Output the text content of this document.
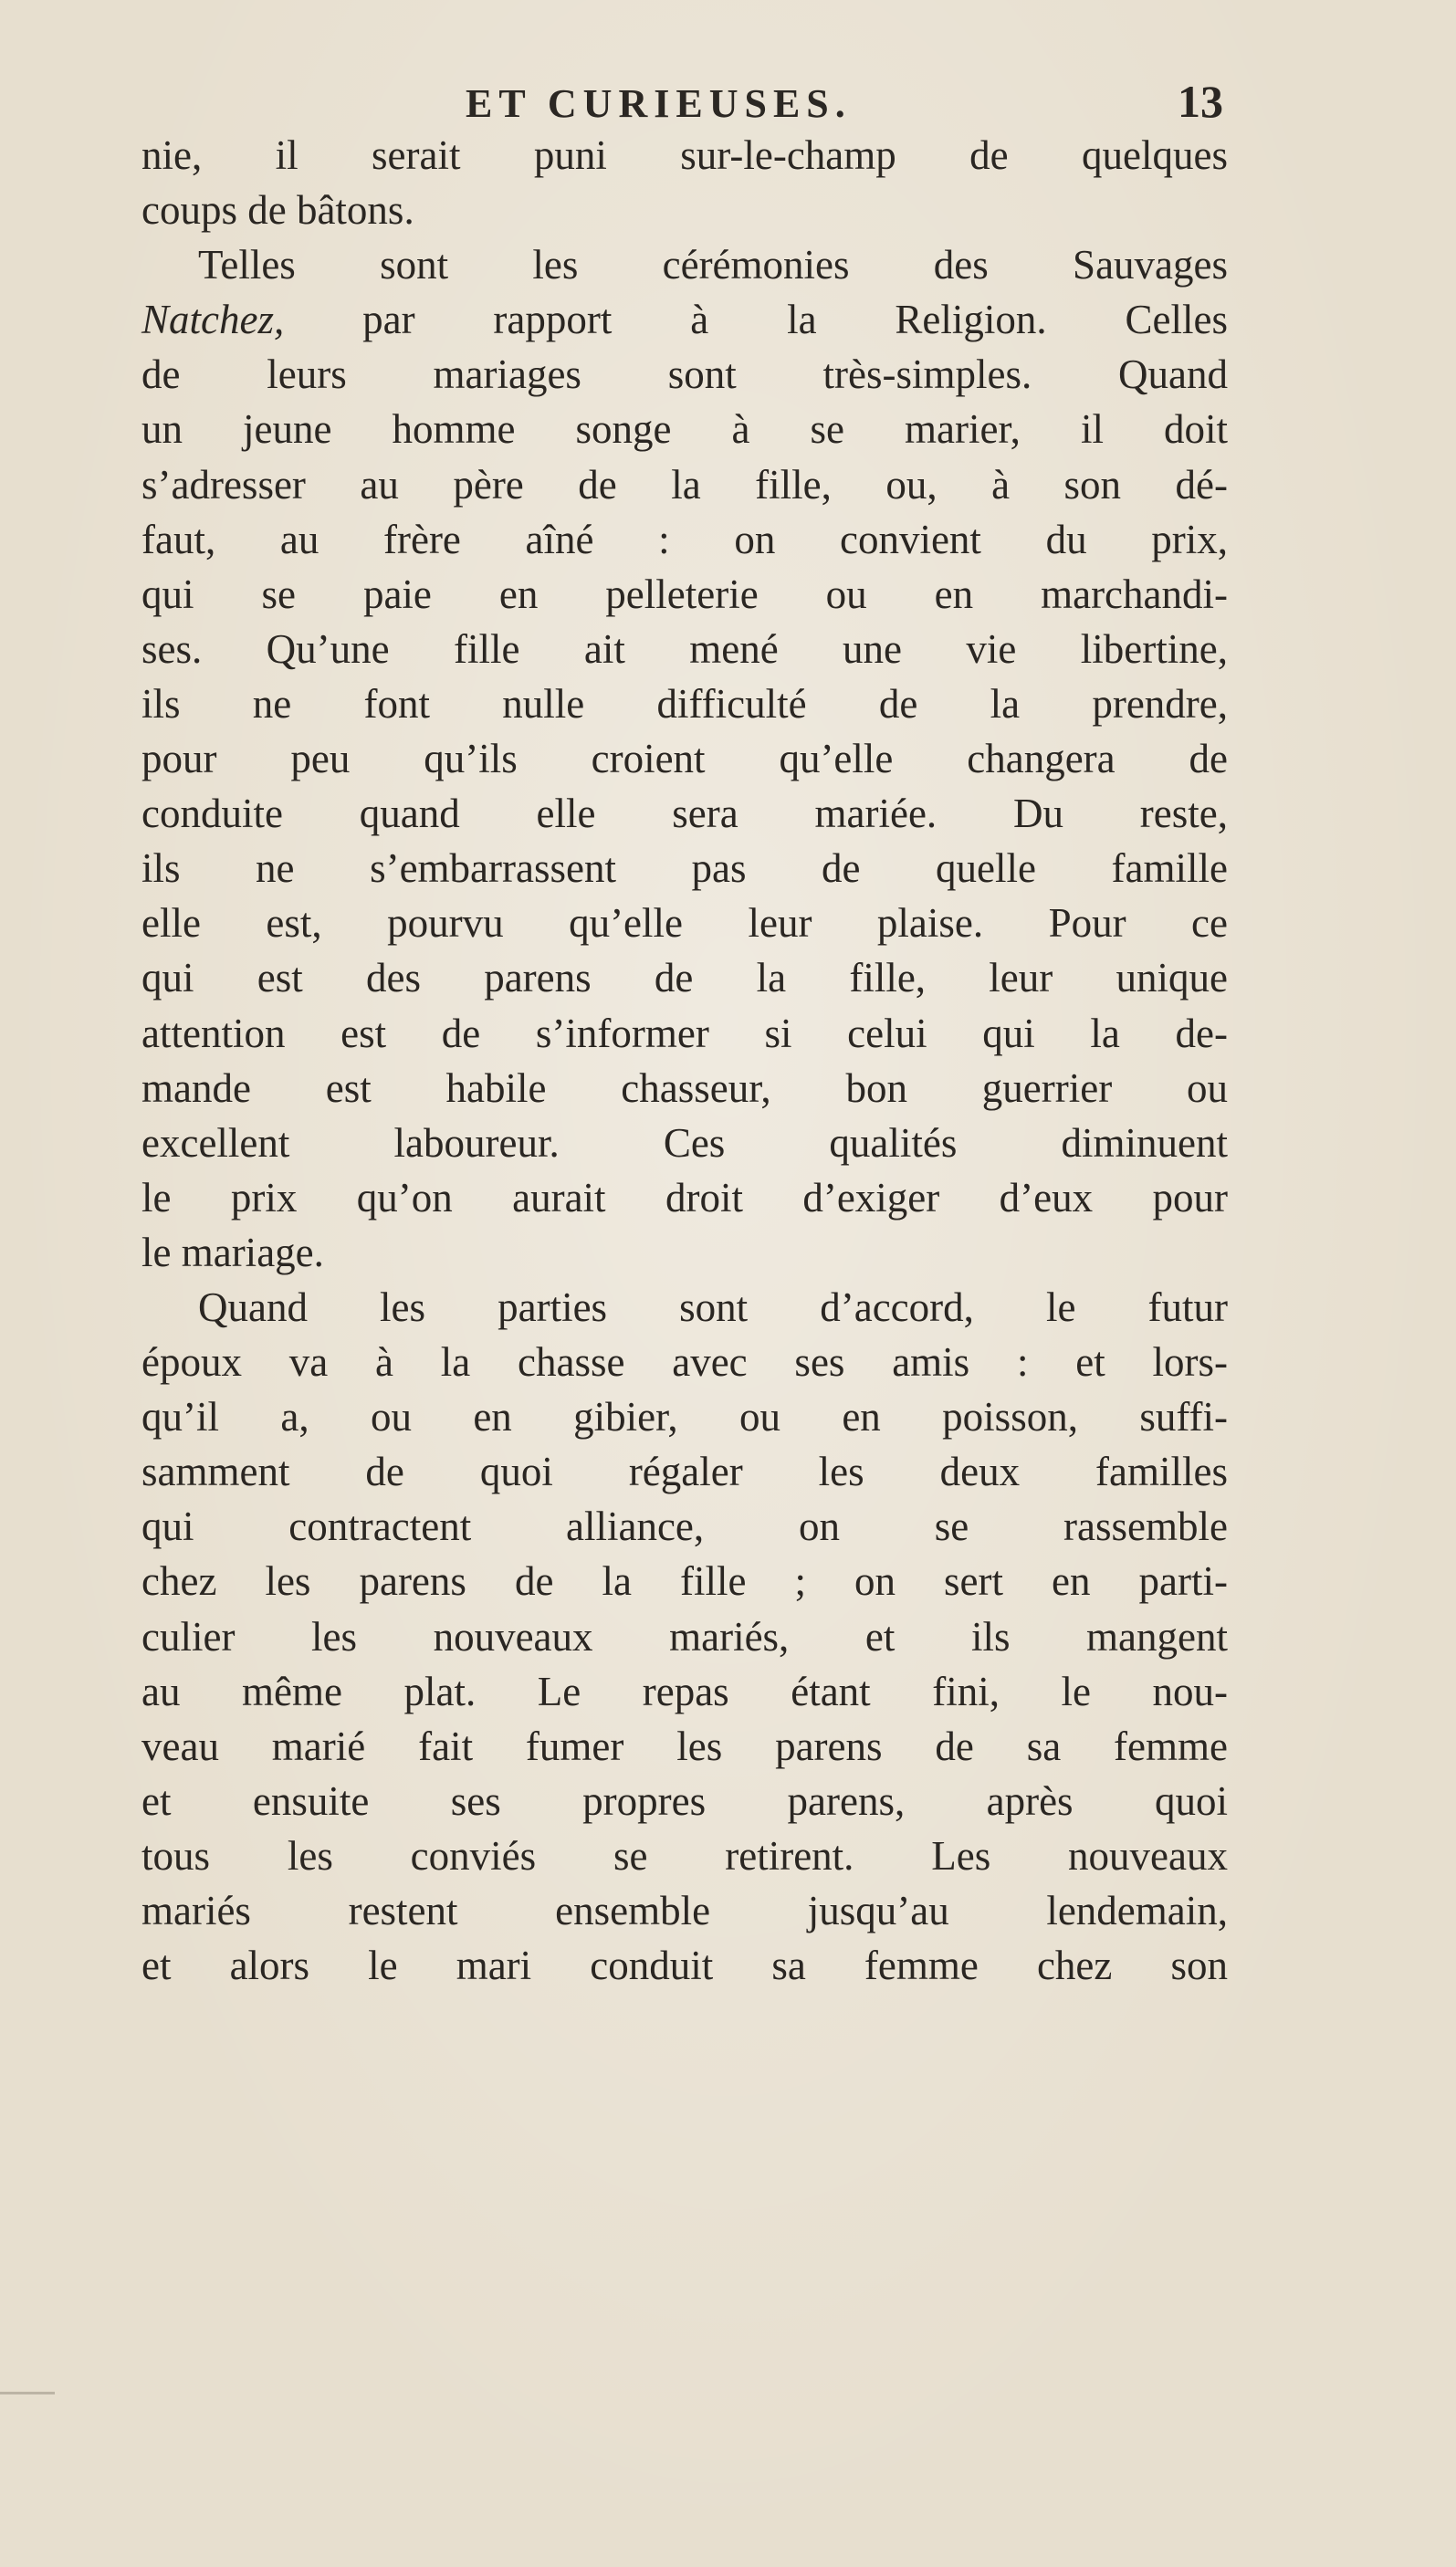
ET CURIEUSES.	13
nie, il serait puni sur-le-champ de quelques
coups de bâtons.
Telles sont les cérémonies des Sauvages
Natchez, par rapport à la Religion. Celles
de leurs mariages sont très-simples. Quand
un jeune homme songe à se marier, il doit
s’adresser au père de la fille, ou, à son dé-
faut, au frère aîné : on convient du prix,
qui se paie en pelleterie ou en marchandi-
ses. Qu’une fille ait mené une vie libertine,
ils ne font nulle difficulté de la prendre,
pour peu qu’ils croient qu’elle changera de
conduite quand elle sera mariée. Du reste,
ils ne s’embarrassent pas de quelle famille
elle est, pourvu qu’elle leur plaise. Pour ce
qui est des parens de la fille, leur unique
attention est de s’informer si celui qui la de-
mande est habile chasseur, bon guerrier ou
excellent laboureur. Ces qualités diminuent
le prix qu’on aurait droit d’exiger d’eux pour
le mariage.
Quand les parties sont d’accord, le futur
époux va à la chasse avec ses amis : et lors-
qu’il a, ou en gibier, ou en poisson, suffi-
samment de quoi régaler les deux familles
qui contractent alliance, on se rassemble
chez les parens de la fille ; on sert en parti-
culier les nouveaux mariés, et ils mangent
au même plat. Le repas étant fini, le nou-
veau marié fait fumer les parens de sa femme
et ensuite ses propres parens, après quoi
tous les conviés se retirent. Les nouveaux
mariés restent ensemble jusqu’au lendemain,
et alors le mari conduit sa femme chez son
